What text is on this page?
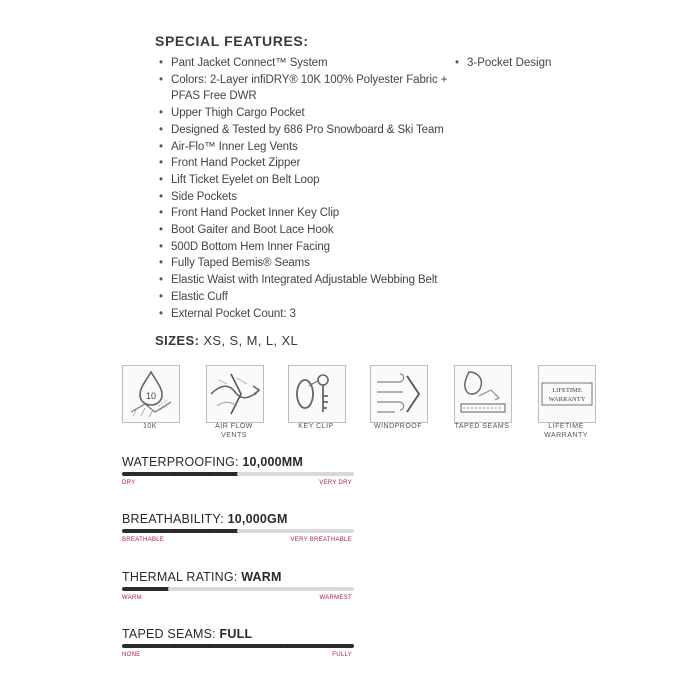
SPECIAL FEATURES:
• Pant Jacket Connect™ System
• Colors: 2-Layer infiDRY® 10K 100% Polyester Fabric +
PFAS Free DWR
• Upper Thigh Cargo Pocket
• Designed & Tested by 686 Pro Snowboard & Ski Team
• Air-Flo™ Inner Leg Vents
• Front Hand Pocket Zipper
• Lift Ticket Eyelet on Belt Loop
• Side Pockets
• Front Hand Pocket Inner Key Clip
• Boot Gaiter and Boot Lace Hook
• 500D Bottom Hem Inner Facing
• Fully Taped Bemis® Seams
• Elastic Waist with Integrated Adjustable Webbing Belt
• Elastic Cuff
• External Pocket Count: 3
• 3-Pocket Design
SIZES: XS, S, M, L, XL
10
LIFETIME
WARRANTY
10K	AIR FLOW
VENTS
KEY CLIP	WINDPROOF	TAPED SEAMS	LIFETIME
WARRANTY
WATERPROOFING: 10,000MM
DRY	VERY DRY
BREATHABILITY: 10,000GM
BREATHABLE	VERY BREATHABLE
THERMAL RATING: WARM
WARM	WARMEST
TAPED SEAMS: FULL
NONE	FULLY
